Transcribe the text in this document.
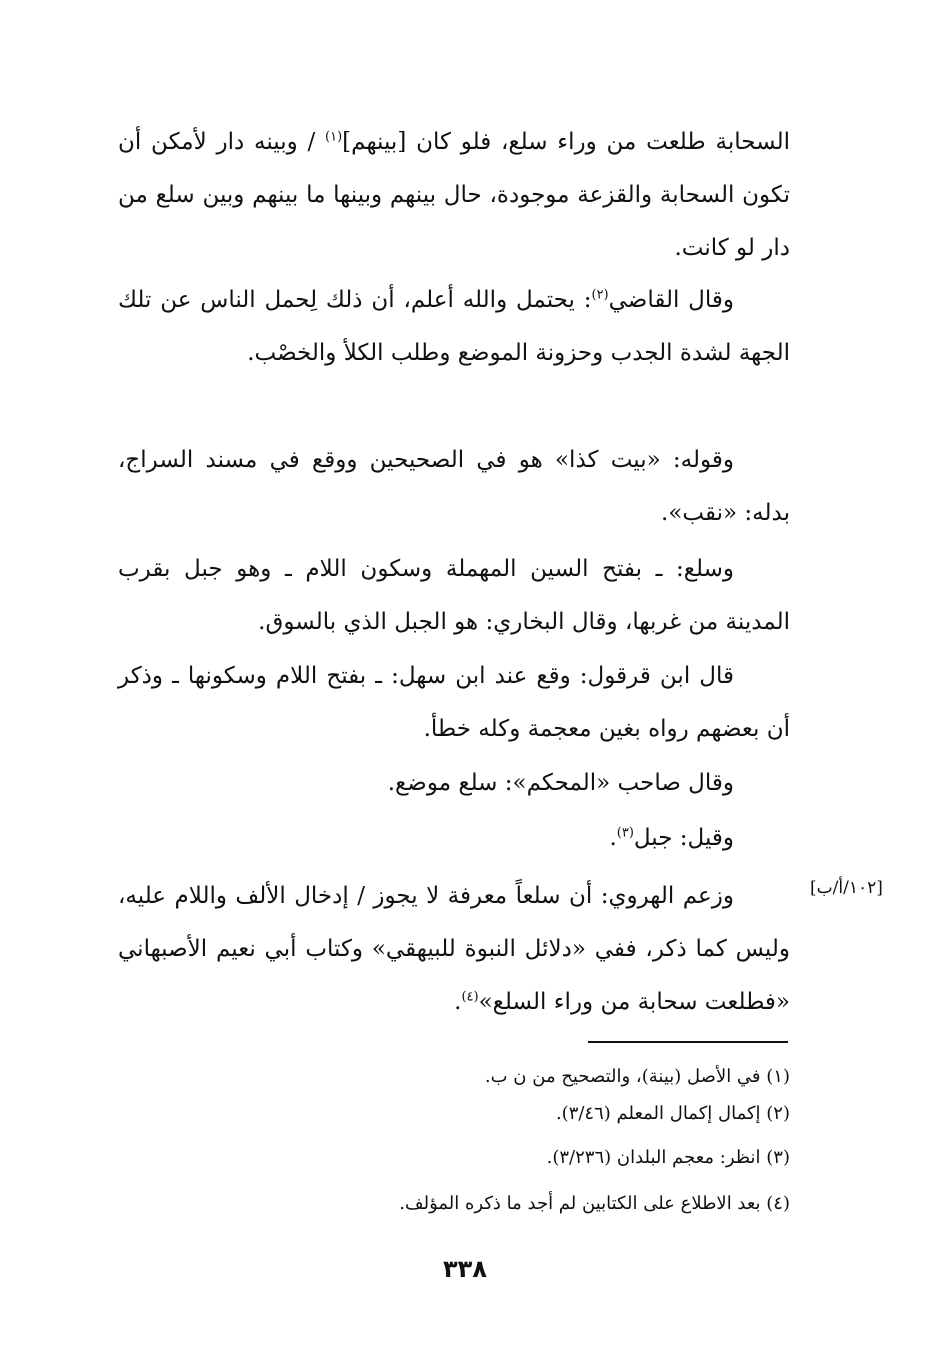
السحابة طلعت من وراء سلع، فلو كان [بينهم]$^{(١)}$ / وبينه دار لأمكن أن تكون السحابة والقزعة موجودة، حال بينهم وبينها ما بينهم وبين سلع من دار لو كانت.
وقال القاضي$^{(٢)}$: يحتمل والله أعلم، أن ذلك لِحمل الناس عن تلك الجهة لشدة الجدب وحزونة الموضع وطلب الكلأ والخصْب.
وقوله: «بيت كذا» هو في الصحيحين ووقع في مسند السراج، بدله: «نقب».
وسلع: ـ بفتح السين المهملة وسكون اللام ـ وهو جبل بقرب المدينة من غربها، وقال البخاري: هو الجبل الذي بالسوق.
قال ابن قرقول: وقع عند ابن سهل: ـ بفتح اللام وسكونها ـ وذكر أن بعضهم رواه بغين معجمة وكله خطأ.
وقال صاحب «المحكم»: سلع موضع.
وقيل: جبل$^{(٣)}$.
[١٠٢/أ/ب]
وزعم الهروي: أن سلعاً معرفة لا يجوز / إدخال الألف واللام عليه، وليس كما ذكر، ففي «دلائل النبوة للبيهقي» وكتاب أبي نعيم الأصبهاني «فطلعت سحابة من وراء السلع»$^{(٤)}$.
(١) في الأصل (بينة)، والتصحيح من ن ب.
(٢) إكمال إكمال المعلم (٣/٤٦).
(٣) انظر: معجم البلدان (٣/٢٣٦).
(٤) بعد الاطلاع على الكتابين لم أجد ما ذكره المؤلف.
٣٣٨
